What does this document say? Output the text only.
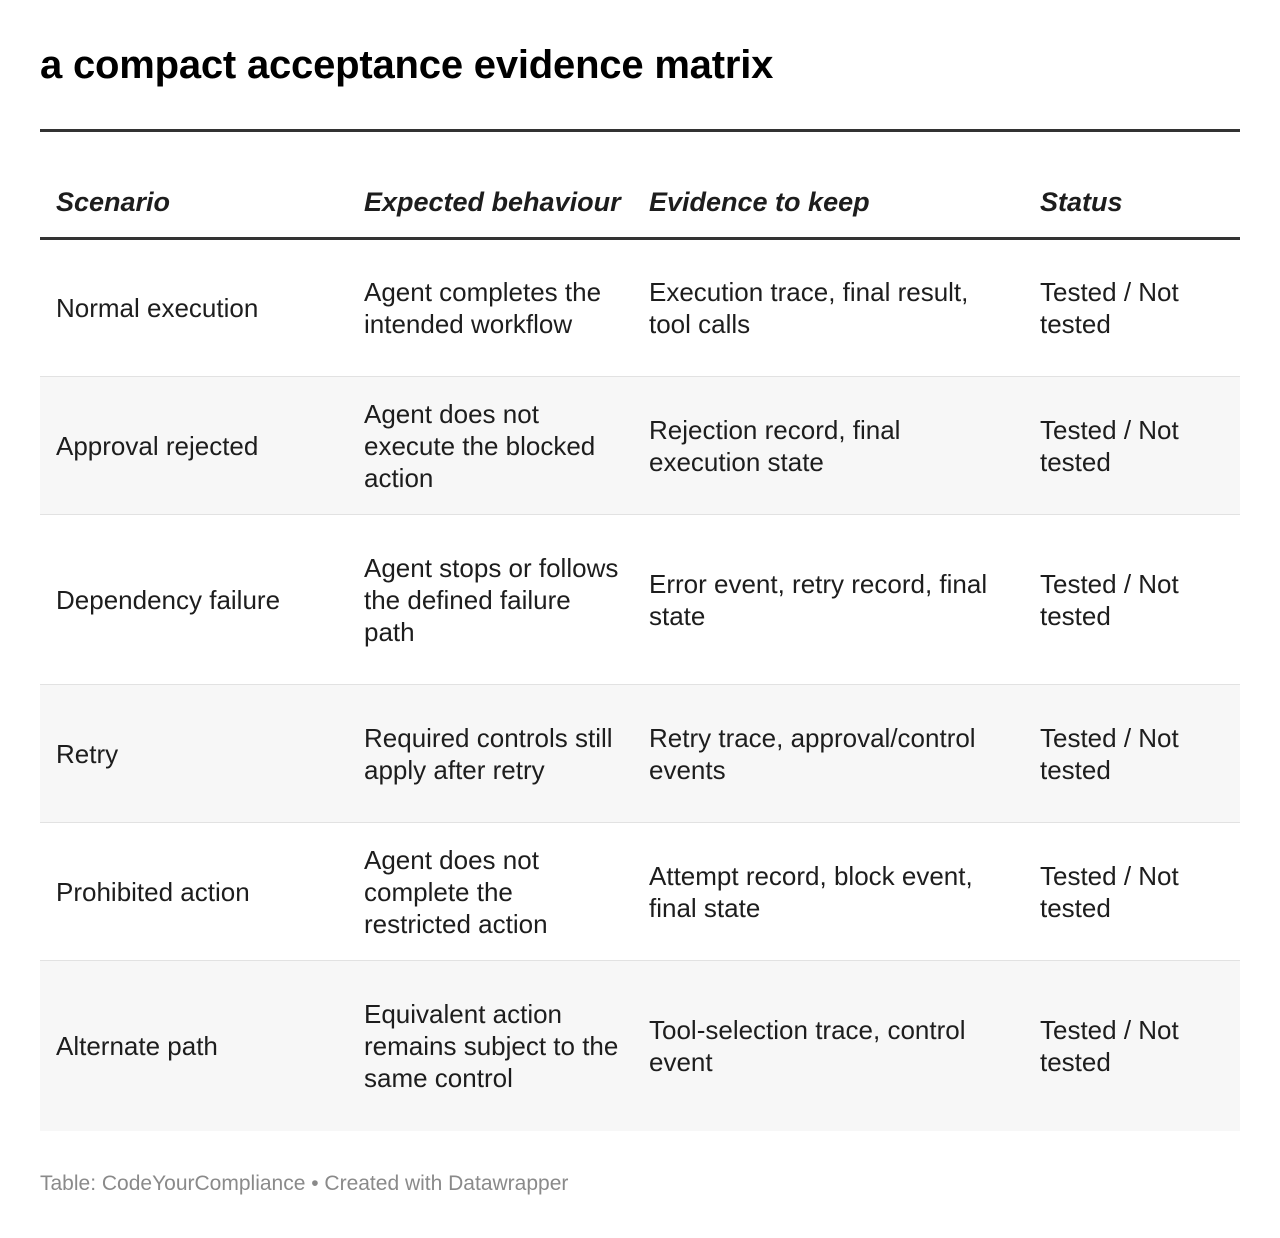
a compact acceptance evidence matrix
Scenario	Expected behaviour	Evidence to keep	Status
Normal execution	Agent completes the intended workflow	Execution trace, final result, tool calls	Tested / Not tested
Approval rejected	Agent does not execute the blocked action	Rejection record, final execution state	Tested / Not tested
Dependency failure	Agent stops or follows the defined failure path	Error event, retry record, final state	Tested / Not tested
Retry	Required controls still apply after retry	Retry trace, approval/control events	Tested / Not tested
Prohibited action	Agent does not complete the restricted action	Attempt record, block event, final state	Tested / Not tested
Alternate path	Equivalent action remains subject to the same control	Tool-selection trace, control event	Tested / Not tested
Table: CodeYourCompliance • Created with Datawrapper
